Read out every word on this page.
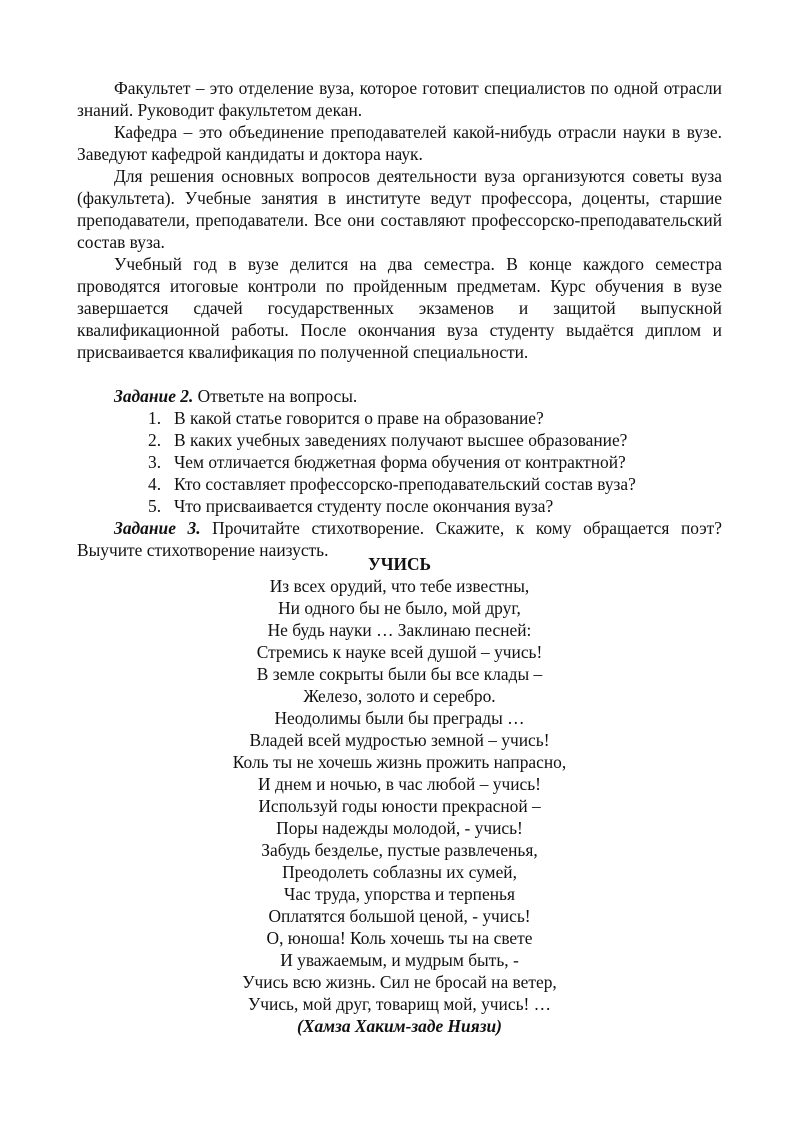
Факультет – это отделение вуза, которое готовит специалистов по одной отрасли знаний. Руководит факультетом декан.

Кафедра – это объединение преподавателей какой-нибудь отрасли науки в вузе. Заведуют кафедрой кандидаты и доктора наук.

Для решения основных вопросов деятельности вуза организуются советы вуза (факультета). Учебные занятия в институте ведут профессора, доценты, старшие преподаватели, преподаватели. Все они составляют профессорско-преподавательский состав вуза.

Учебный год в вузе делится на два семестра. В конце каждого семестра проводятся итоговые контроли по пройденным предметам. Курс обучения в вузе завершается сдачей государственных экзаменов и защитой выпускной квалификационной работы. После окончания вуза студенту выдаётся диплом и присваивается квалификация по полученной специальности.

Задание 2. Ответьте на вопросы.

1. В какой статье говорится о праве на образование?
2. В каких учебных заведениях получают высшее образование?
3. Чем отличается бюджетная форма обучения от контрактной?
4. Кто составляет профессорско-преподавательский состав вуза?
5. Что присваивается студенту после окончания вуза?

Задание 3. Прочитайте стихотворение. Скажите, к кому обращается поэт? Выучите стихотворение наизусть.

УЧИСЬ
Из всех орудий, что тебе известны,
Ни одного бы не было, мой друг,
Не будь науки … Заклинаю песней:
Стремись к науке всей душой – учись!
В земле сокрыты были бы все клады –
Железо, золото и серебро.
Неодолимы были бы преграды …
Владей всей мудростью земной – учись!
Коль ты не хочешь жизнь прожить напрасно,
И днем и ночью, в час любой – учись!
Используй годы юности прекрасной –
Поры надежды молодой, - учись!
Забудь безделье, пустые развлеченья,
Преодолеть соблазны их сумей,
Час труда, упорства и терпенья
Оплатятся большой ценой, - учись!
О, юноша! Коль хочешь ты на свете
И уважаемым, и мудрым быть, -
Учись всю жизнь. Сил не бросай на ветер,
Учись, мой друг, товарищ мой, учись! …
(Хамза Хаким-заде Ниязи)
